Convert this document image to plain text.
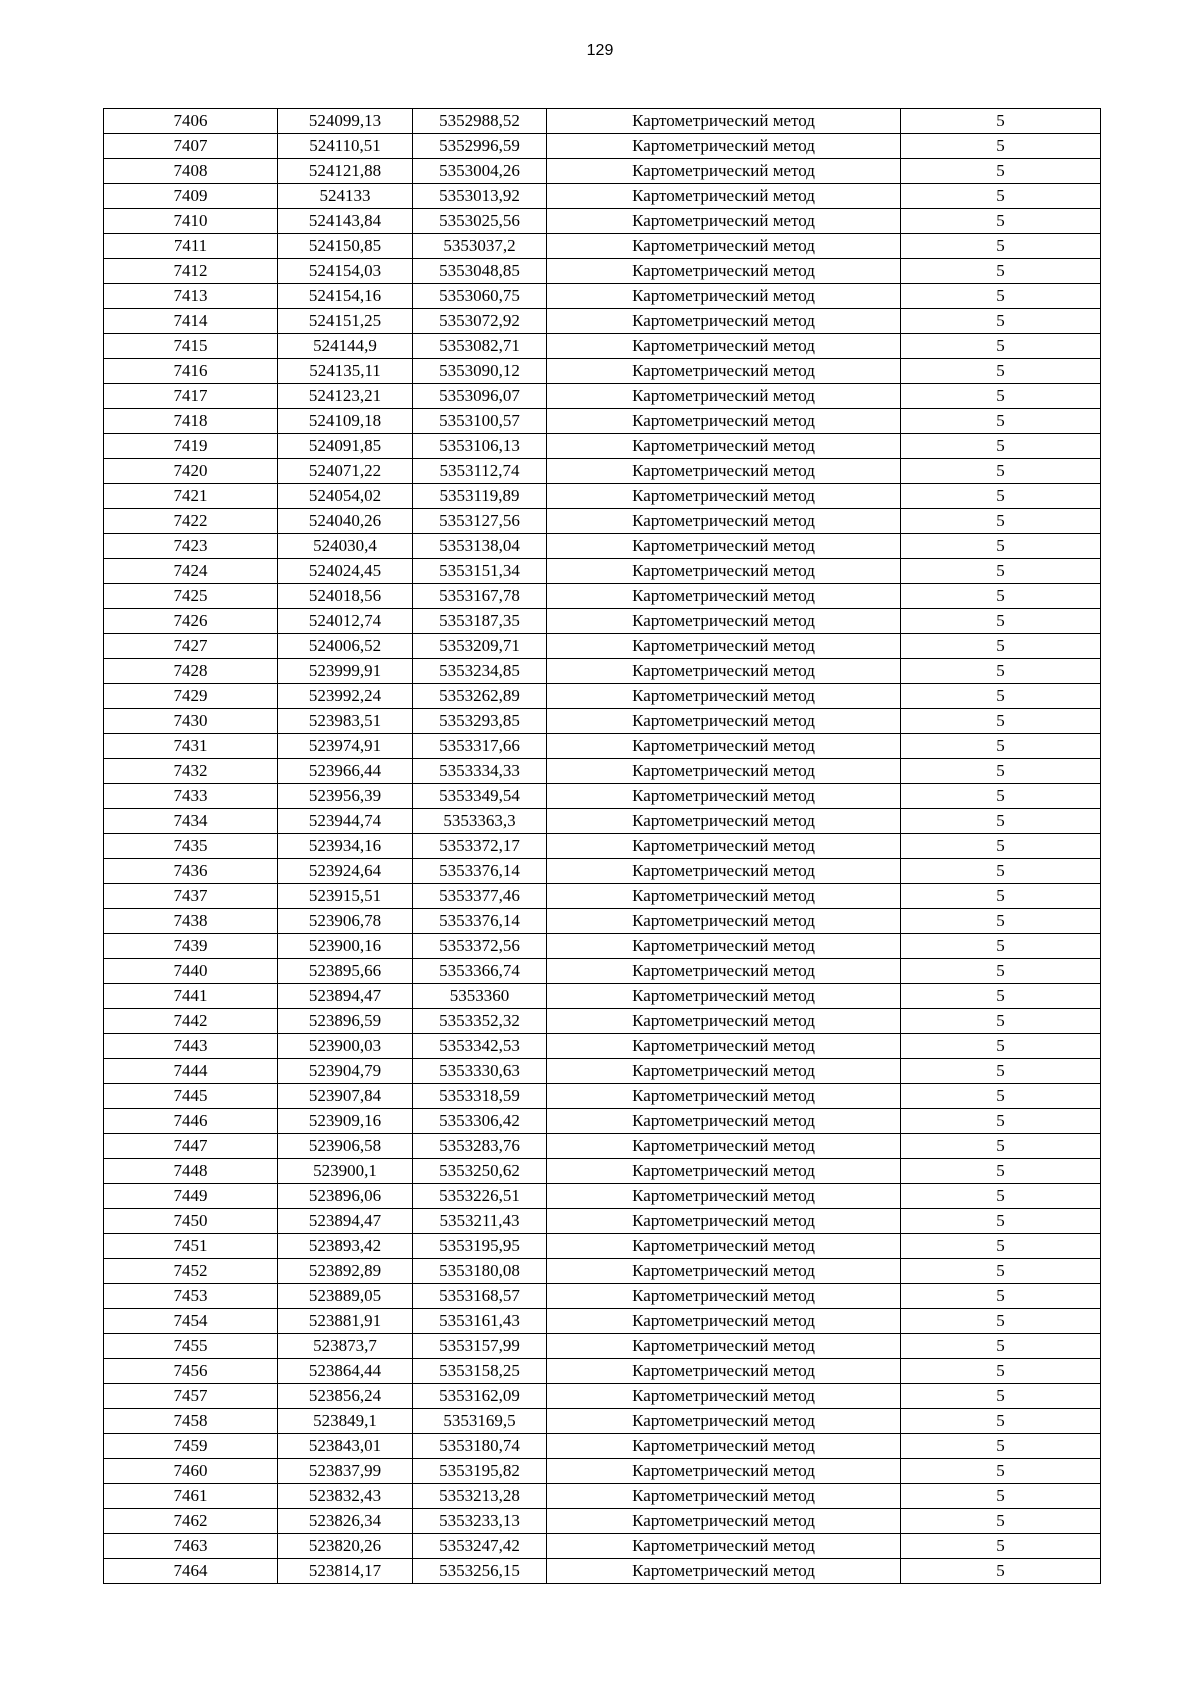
129
7406	524099,13	5352988,52	Картометрический метод	5
7407	524110,51	5352996,59	Картометрический метод	5
7408	524121,88	5353004,26	Картометрический метод	5
7409	524133	5353013,92	Картометрический метод	5
7410	524143,84	5353025,56	Картометрический метод	5
7411	524150,85	5353037,2	Картометрический метод	5
7412	524154,03	5353048,85	Картометрический метод	5
7413	524154,16	5353060,75	Картометрический метод	5
7414	524151,25	5353072,92	Картометрический метод	5
7415	524144,9	5353082,71	Картометрический метод	5
7416	524135,11	5353090,12	Картометрический метод	5
7417	524123,21	5353096,07	Картометрический метод	5
7418	524109,18	5353100,57	Картометрический метод	5
7419	524091,85	5353106,13	Картометрический метод	5
7420	524071,22	5353112,74	Картометрический метод	5
7421	524054,02	5353119,89	Картометрический метод	5
7422	524040,26	5353127,56	Картометрический метод	5
7423	524030,4	5353138,04	Картометрический метод	5
7424	524024,45	5353151,34	Картометрический метод	5
7425	524018,56	5353167,78	Картометрический метод	5
7426	524012,74	5353187,35	Картометрический метод	5
7427	524006,52	5353209,71	Картометрический метод	5
7428	523999,91	5353234,85	Картометрический метод	5
7429	523992,24	5353262,89	Картометрический метод	5
7430	523983,51	5353293,85	Картометрический метод	5
7431	523974,91	5353317,66	Картометрический метод	5
7432	523966,44	5353334,33	Картометрический метод	5
7433	523956,39	5353349,54	Картометрический метод	5
7434	523944,74	5353363,3	Картометрический метод	5
7435	523934,16	5353372,17	Картометрический метод	5
7436	523924,64	5353376,14	Картометрический метод	5
7437	523915,51	5353377,46	Картометрический метод	5
7438	523906,78	5353376,14	Картометрический метод	5
7439	523900,16	5353372,56	Картометрический метод	5
7440	523895,66	5353366,74	Картометрический метод	5
7441	523894,47	5353360	Картометрический метод	5
7442	523896,59	5353352,32	Картометрический метод	5
7443	523900,03	5353342,53	Картометрический метод	5
7444	523904,79	5353330,63	Картометрический метод	5
7445	523907,84	5353318,59	Картометрический метод	5
7446	523909,16	5353306,42	Картометрический метод	5
7447	523906,58	5353283,76	Картометрический метод	5
7448	523900,1	5353250,62	Картометрический метод	5
7449	523896,06	5353226,51	Картометрический метод	5
7450	523894,47	5353211,43	Картометрический метод	5
7451	523893,42	5353195,95	Картометрический метод	5
7452	523892,89	5353180,08	Картометрический метод	5
7453	523889,05	5353168,57	Картометрический метод	5
7454	523881,91	5353161,43	Картометрический метод	5
7455	523873,7	5353157,99	Картометрический метод	5
7456	523864,44	5353158,25	Картометрический метод	5
7457	523856,24	5353162,09	Картометрический метод	5
7458	523849,1	5353169,5	Картометрический метод	5
7459	523843,01	5353180,74	Картометрический метод	5
7460	523837,99	5353195,82	Картометрический метод	5
7461	523832,43	5353213,28	Картометрический метод	5
7462	523826,34	5353233,13	Картометрический метод	5
7463	523820,26	5353247,42	Картометрический метод	5
7464	523814,17	5353256,15	Картометрический метод	5
